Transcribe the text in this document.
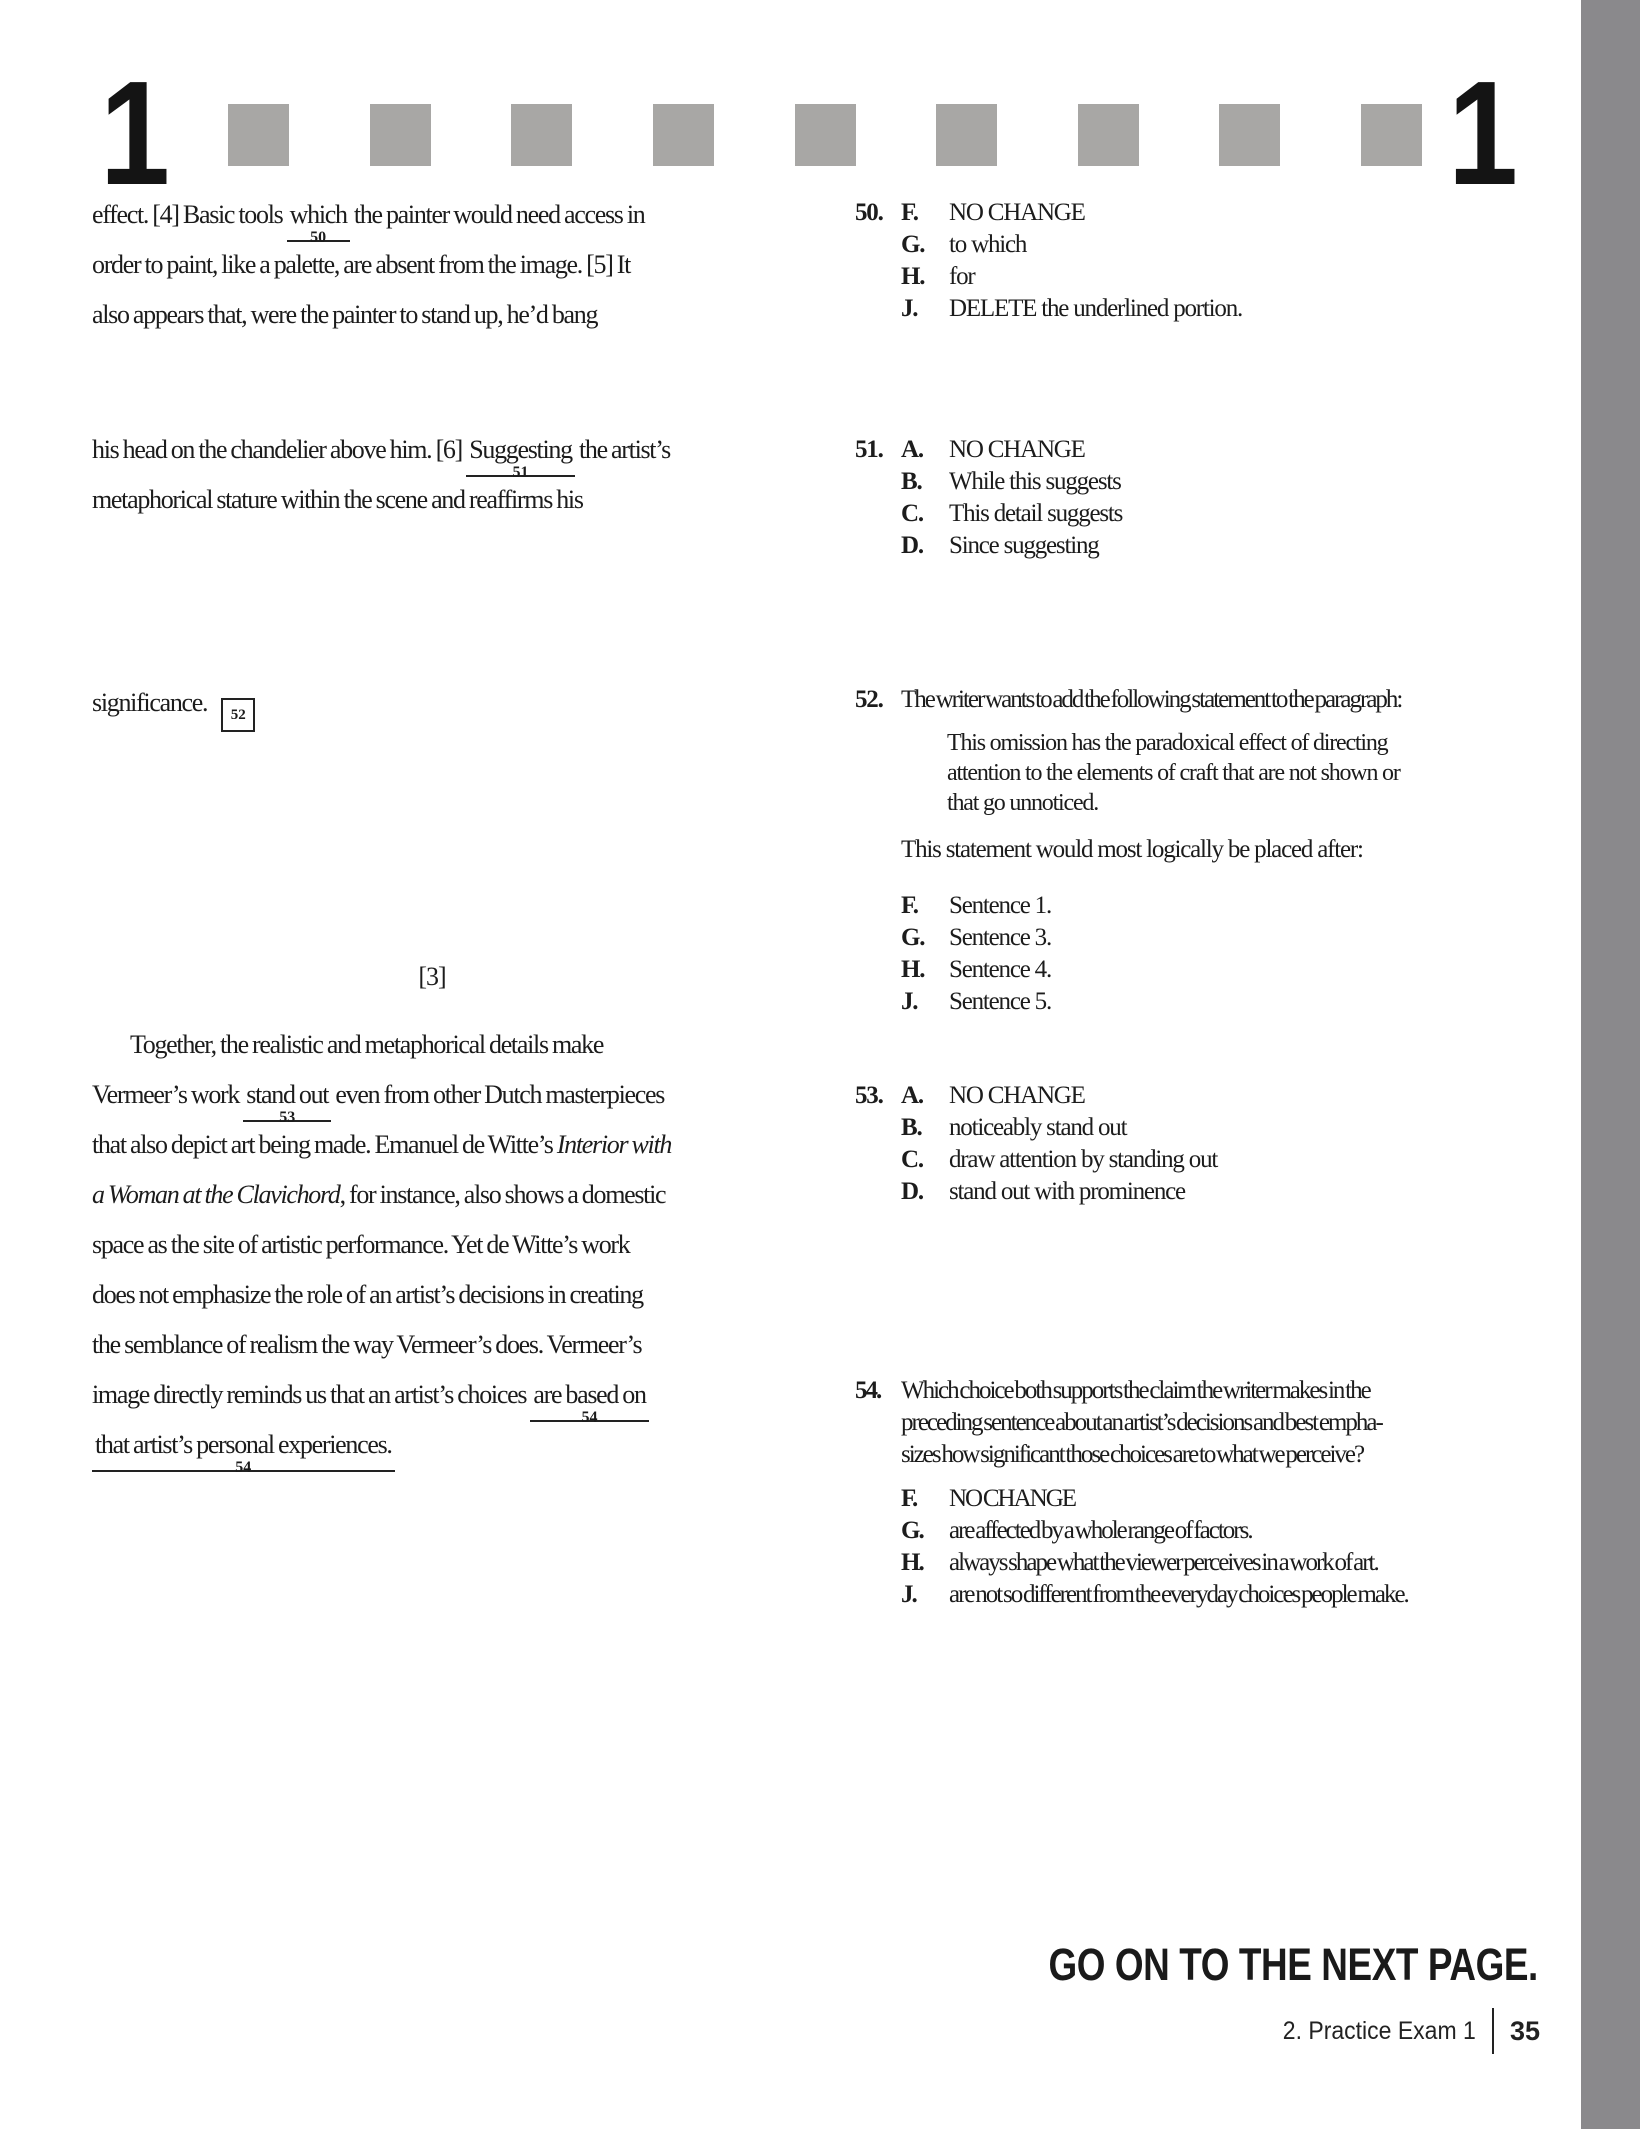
1	1
effect. [4] Basic tools which
50
the painter would need access in
order to paint, like a palette, are absent from the image. [5] It
also appears that, were the painter to stand up, he’d bang
his head on the chandelier above him. [6] Suggesting
51
the artist’s
metaphorical stature within the scene and reaffirms his
significance. 52
[3]
Together, the realistic and metaphorical details make
Vermeer’s work stand out
53
even from other Dutch masterpieces
that also depict art being made. Emanuel de Witte’s Interior with
a Woman at the Clavichord, for instance, also shows a domestic
space as the site of artistic performance. Yet de Witte’s work
does not emphasize the role of an artist’s decisions in creating
the semblance of realism the way Vermeer’s does. Vermeer’s
image directly reminds us that an artist’s choices are based on
54
that artist’s personal experiences.
54
50. F.	NO CHANGE
G. to which
H. for
J.	DELETE the underlined portion.
51. A.	NO CHANGE
B.	While this suggests
C.	This detail suggests
D.	Since suggesting
52. The writer wants to add the following statement to the paragraph:
This omission has the paradoxical effect of directing
attention to the elements of craft that are not shown or
that go unnoticed.
This statement would most logically be placed after:
F.	Sentence 1.
G. Sentence 3.
H. Sentence 4.
J.	Sentence 5.
53. A.	NO CHANGE
B.	noticeably stand out
C.	draw attention by standing out
D.	stand out with prominence
54. Which choice both supports the claim the writer makes in the
preceding sentence about an artist’s decisions and best empha-
sizes how significant those choices are to what we perceive?
F.	NO CHANGE
G.	are affected by a whole range of factors.
H.	always shape what the viewer perceives in a work of art.
J.	are not so different from the everyday choices people make.
GO ON TO THE NEXT PAGE.
2. Practice Exam 1 35
